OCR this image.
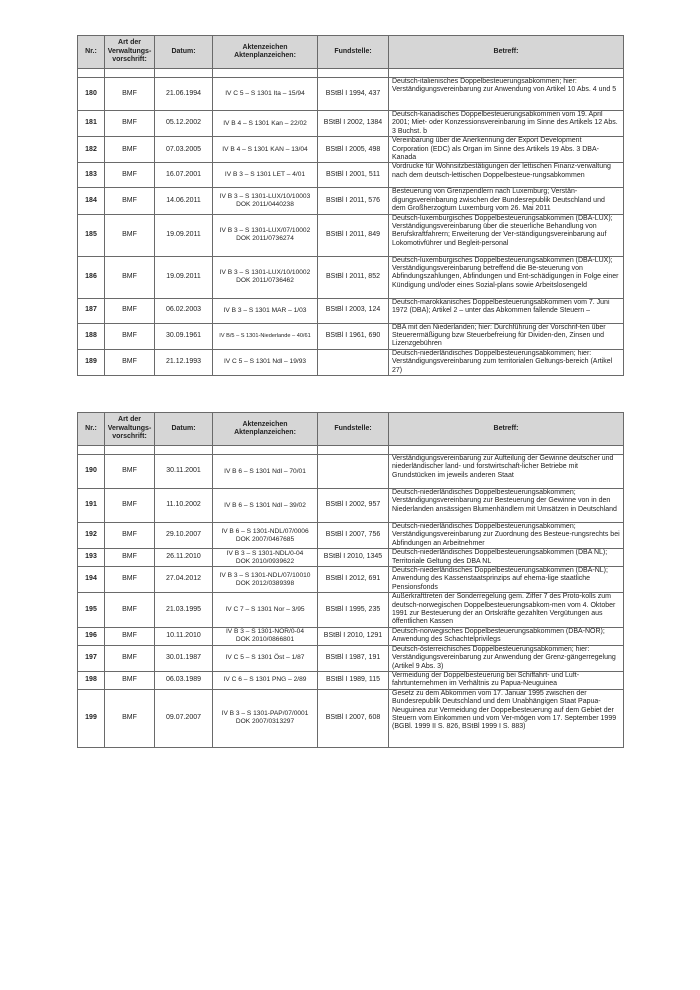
Nr.:	Art der Verwaltungs-vorschrift:	Datum:	Aktenzeichen Aktenplanzeichen:	Fundstelle:	Betreff:

180	BMF	21.06.1994	IV C 5 – S 1301 Ita – 15/94	BStBl I 1994, 437	Deutsch-italienisches Doppelbesteuerungsabkommen; hier: Verständigungsvereinbarung zur Anwendung von Artikel 10 Abs. 4 und 5
181	BMF	05.12.2002	IV B 4 – S 1301 Kan – 22/02	BStBl I 2002, 1384	Deutsch-kanadisches Doppelbesteuerungsabkommen vom 19. April 2001; Miet- oder Konzessionsvereinbarung im Sinne des Artikels 12 Abs. 3 Buchst. b
182	BMF	07.03.2005	IV B 4 – S 1301 KAN – 13/04	BStBl I 2005, 498	Vereinbarung über die Anerkennung der Export Development Corporation (EDC) als Organ im Sinne des Artikels 19 Abs. 3 DBA-Kanada
183	BMF	16.07.2001	IV B 3 – S 1301 LET – 4/01	BStBl I 2001, 511	Vordrucke für Wohnsitzbestätigungen der lettischen Finanz-verwaltung nach dem deutsch-lettischen Doppelbesteue-rungsabkommen
184	BMF	14.06.2011	IV B 3 – S 1301-LUX/10/10003
DOK 2011/0440238	BStBl I 2011, 576	Besteuerung von Grenzpendlern nach Luxemburg; Verstän-digungsvereinbarung zwischen der Bundesrepublik Deutschland und dem Großherzogtum Luxemburg vom 26. Mai 2011
185	BMF	19.09.2011	IV B 3 – S 1301-LUX/07/10002
DOK 2011/0736274	BStBl I 2011, 849	Deutsch-luxemburgisches Doppelbesteuerungsabkommen (DBA-LUX); Verständigungsvereinbarung über die steuerliche Behandlung von Berufskraftfahrern; Erweiterung der Ver-ständigungsvereinbarung auf Lokomotivführer und Begleit-personal
186	BMF	19.09.2011	IV B 3 – S 1301-LUX/10/10002
DOK 2011/0736462	BStBl I 2011, 852	Deutsch-luxemburgisches Doppelbesteuerungsabkommen (DBA-LUX); Verständigungsvereinbarung betreffend die Be-steuerung von Abfindungszahlungen, Abfindungen und Ent-schädigungen in Folge einer Kündigung und/oder eines Sozial-plans sowie Arbeitslosengeld
187	BMF	06.02.2003	IV B 3 – S 1301 MAR – 1/03	BStBl I 2003, 124	Deutsch-marokkanisches Doppelbesteuerungsabkommen vom 7. Juni 1972 (DBA); Artikel 2 – unter das Abkommen fallende Steuern –
188	BMF	30.09.1961	IV B/5 – S 1301-Niederlande – 40/61	BStBl I 1961, 690	DBA mit den Niederlanden; hier: Durchführung der Vorschrif-ten über Steuerermäßigung bzw Steuerbefreiung für Dividen-den, Zinsen und Lizenzgebühren
189	BMF	21.12.1993	IV C 5 – S 1301 Ndl – 19/93		Deutsch-niederländisches Doppelbesteuerungsabkommen; hier: Verständigungsvereinbarung zum territorialen Geltungs-bereich (Artikel 27)
Nr.:	Art der Verwaltungs-vorschrift:	Datum:	Aktenzeichen Aktenplanzeichen:	Fundstelle:	Betreff:

190	BMF	30.11.2001	IV B 6 – S 1301 Ndl – 70/01		Verständigungsvereinbarung zur Aufteilung der Gewinne deutscher und niederländischer land- und forstwirtschaft-licher Betriebe mit Grundstücken im jeweils anderen Staat
191	BMF	11.10.2002	IV B 6 – S 1301 Ndl – 39/02	BStBl I 2002, 957	Deutsch-niederländisches Doppelbesteuerungsabkommen; Verständigungsvereinbarung zur Besteuerung der Gewinne von in den Niederlanden ansässigen Blumenhändlern mit Umsätzen in Deutschland
192	BMF	29.10.2007	IV B 6 – S 1301-NDL/07/0006
DOK 2007/0467685	BStBl I 2007, 756	Deutsch-niederländisches Doppelbesteuerungsabkommen; Verständigungsvereinbarung zur Zuordnung des Besteue-rungsrechts bei Abfindungen an Arbeitnehmer
193	BMF	26.11.2010	IV B 3 – S 1301-NDL/0-04
DOK 2010/0939622	BStBl I 2010, 1345	Deutsch-niederländisches Doppelbesteuerungsabkommen (DBA NL); Territoriale Geltung des DBA NL
194	BMF	27.04.2012	IV B 3 – S 1301-NDL/07/10010
DOK 2012/0389398	BStBl I 2012, 691	Deutsch-niederländisches Doppelbesteuerungsabkommen (DBA-NL); Anwendung des Kassenstaatsprinzips auf ehema-lige staatliche Pensionsfonds
195	BMF	21.03.1995	IV C 7 – S 1301 Nor – 3/95	BStBl I 1995, 235	Außerkrafttreten der Sonderregelung gem. Ziffer 7 des Proto-kolls zum deutsch-norwegischen Doppelbesteuerungsabkom-men vom 4. Oktober 1991 zur Besteuerung der an Ortskräfte gezahlten Vergütungen aus öffentlichen Kassen
196	BMF	10.11.2010	IV B 3 – S 1301-NOR/0-04
DOK 2010/0866801	BStBl I 2010, 1291	Deutsch-norwegisches Doppelbesteuerungsabkommen (DBA-NOR); Anwendung des Schachtelprivilegs
197	BMF	30.01.1987	IV C 5 – S 1301 Öst – 1/87	BStBl I 1987, 191	Deutsch-österreichisches Doppelbesteuerungsabkommen; hier: Verständigungsvereinbarung zur Anwendung der Grenz-gängerregelung (Artikel 9 Abs. 3)
198	BMF	06.03.1989	IV C 6 – S 1301 PNG – 2/89	BStBl I 1989, 115	Vermeidung der Doppelbesteuerung bei Schiffahrt- und Luft-fahrtunternehmen im Verhältnis zu Papua-Neuguinea
199	BMF	09.07.2007	IV B 3 – S 1301-PAP/07/0001
DOK 2007/0313297	BStBl I 2007, 608	Gesetz zu dem Abkommen vom 17. Januar 1995 zwischen der Bundesrepublik Deutschland und dem Unabhängigen Staat Papua-Neuguinea zur Vermeidung der Doppelbesteuerung auf dem Gebiet der Steuern vom Einkommen und vom Ver-mögen vom 17. September 1999 (BGBl. 1999 II S. 826, BStBl 1999 I S. 883)
